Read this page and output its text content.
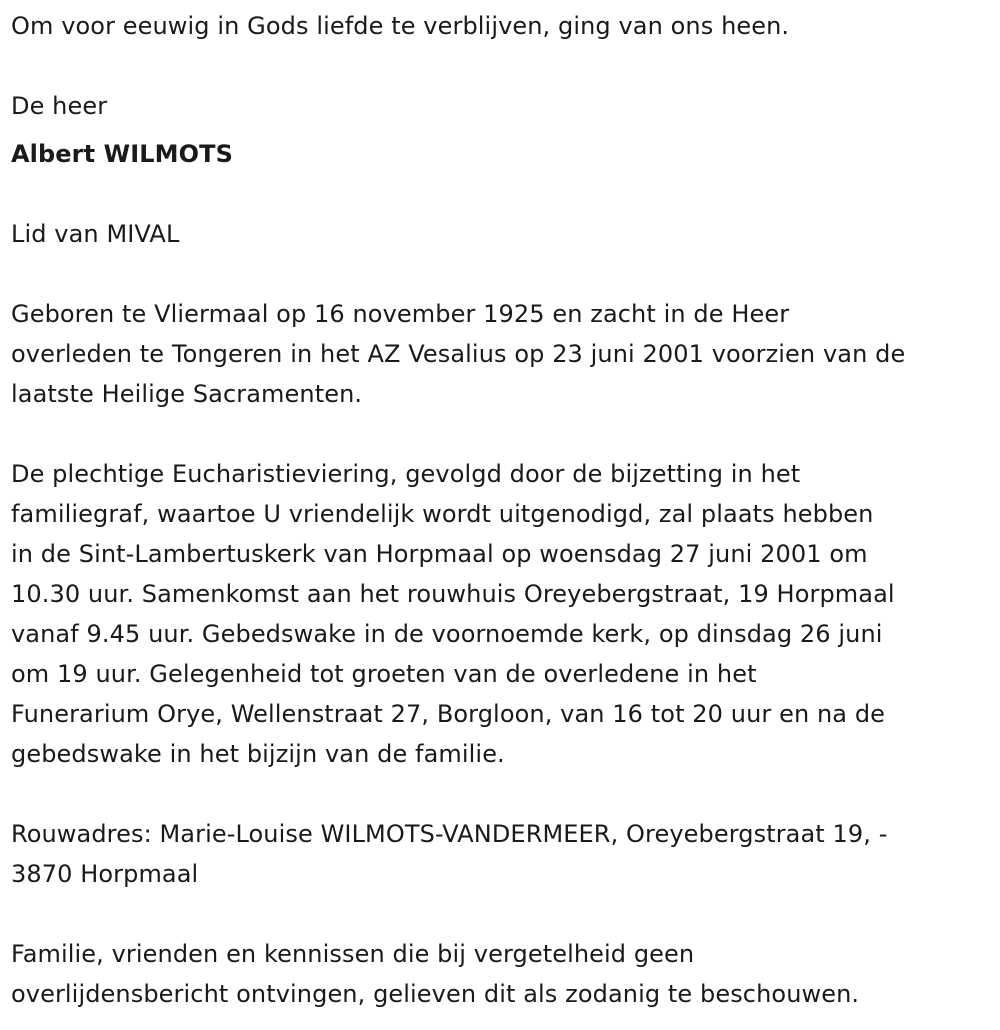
Om voor eeuwig in Gods liefde te verblijven, ging van ons heen.
De heer
Albert WILMOTS
Lid van MIVAL
Geboren te Vliermaal op 16 november 1925 en zacht in de Heer
overleden te Tongeren in het AZ Vesalius op 23 juni 2001 voorzien van de
laatste Heilige Sacramenten.
De plechtige Eucharistieviering, gevolgd door de bijzetting in het
familiegraf, waartoe U vriendelijk wordt uitgenodigd, zal plaats hebben
in de Sint-Lambertuskerk van Horpmaal op woensdag 27 juni 2001 om
10.30 uur. Samenkomst aan het rouwhuis Oreyebergstraat, 19 Horpmaal
vanaf 9.45 uur. Gebedswake in de voornoemde kerk, op dinsdag 26 juni
om 19 uur. Gelegenheid tot groeten van de overledene in het
Funerarium Orye, Wellenstraat 27, Borgloon, van 16 tot 20 uur en na de
gebedswake in het bijzijn van de familie.
Rouwadres: Marie-Louise WILMOTS-VANDERMEER, Oreyebergstraat 19, -
3870 Horpmaal
Familie, vrienden en kennissen die bij vergetelheid geen
overlijdensbericht ontvingen, gelieven dit als zodanig te beschouwen.
